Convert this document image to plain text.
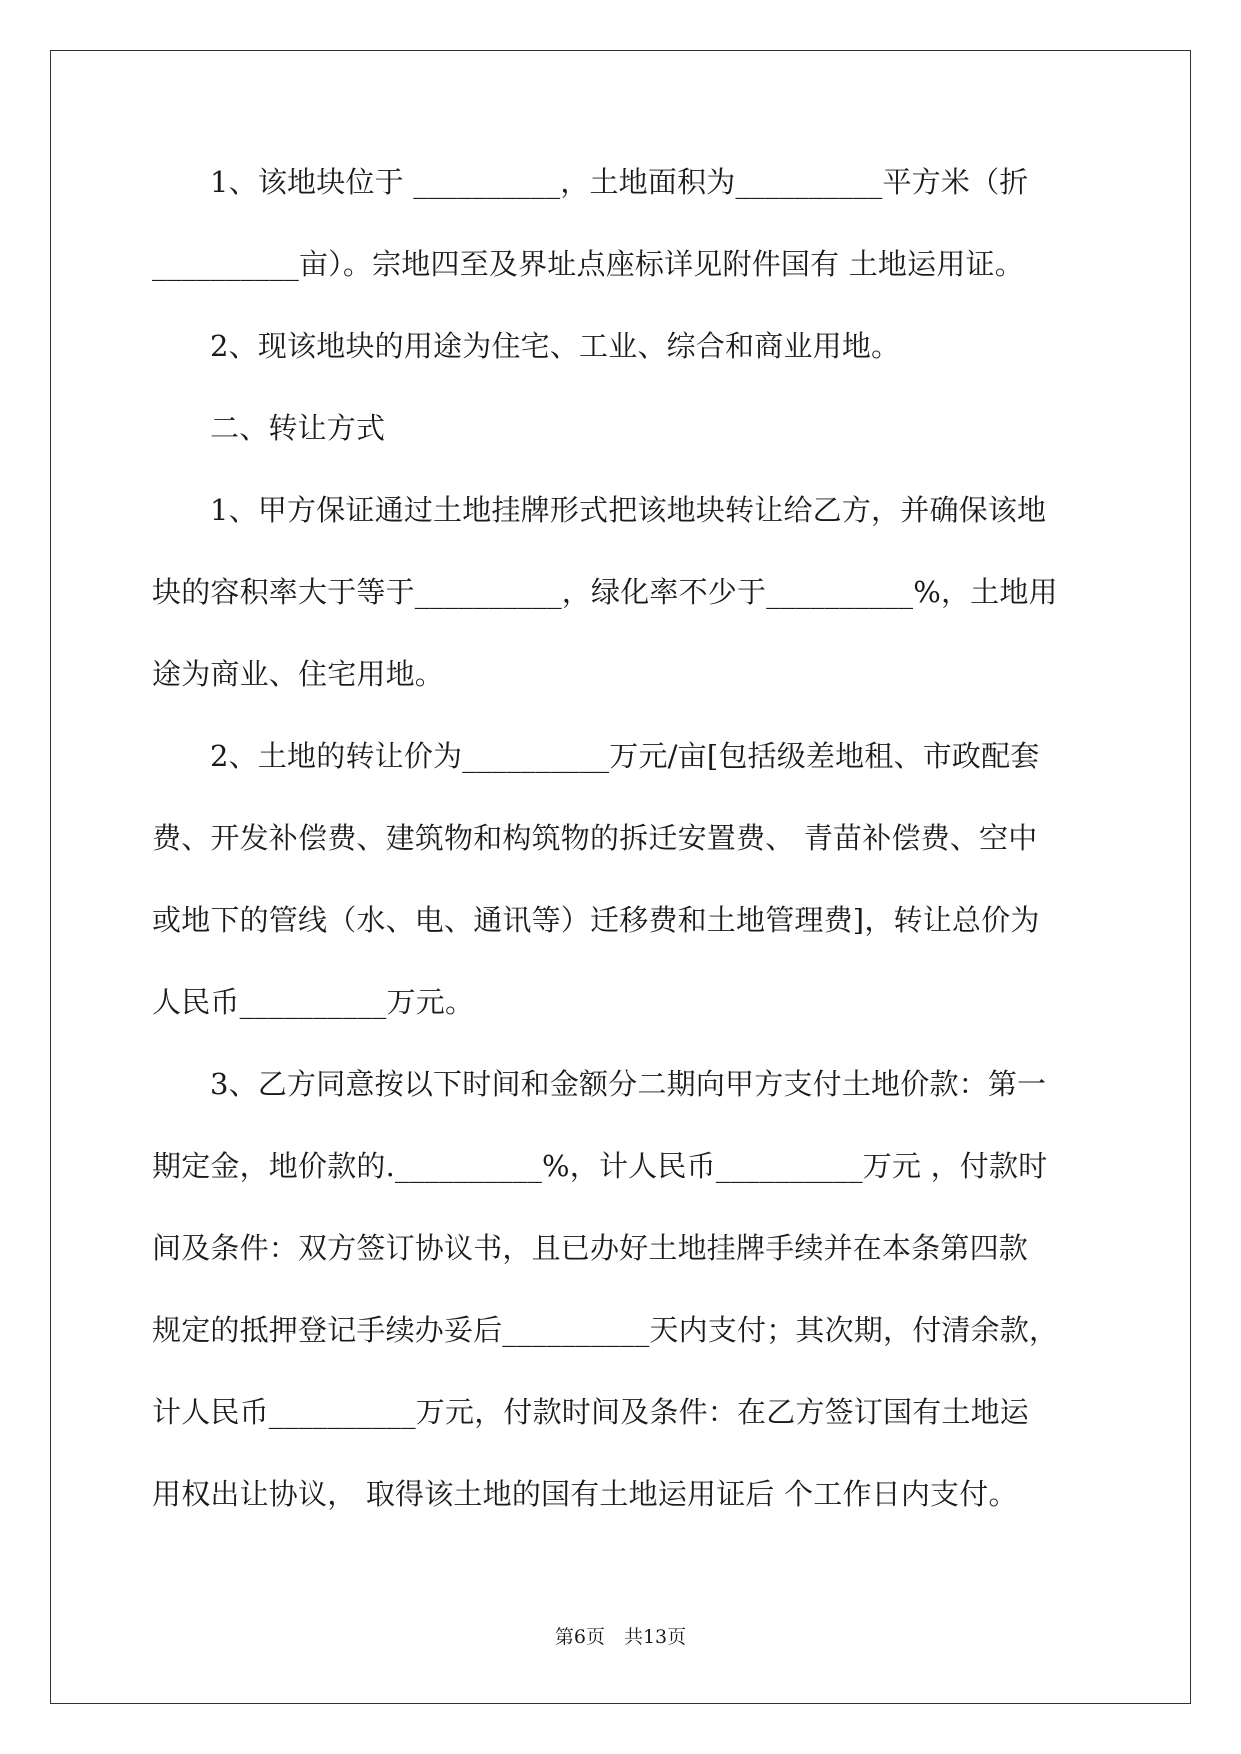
1、该地块位于 __________，土地面积为__________平方米（折
__________亩）。宗地四至及界址点座标详见附件国有 土地运用证。
2、现该地块的用途为住宅、工业、综合和商业用地。
二、转让方式
1、甲方保证通过土地挂牌形式把该地块转让给乙方，并确保该地
块的容积率大于等于__________，绿化率不少于__________%，土地用
途为商业、住宅用地。
2、土地的转让价为__________万元/亩[包括级差地租、市政配套
费、开发补偿费、建筑物和构筑物的拆迁安置费、 青苗补偿费、空中
或地下的管线（水、电、通讯等）迁移费和土地管理费]，转让总价为
人民币__________万元。
3、乙方同意按以下时间和金额分二期向甲方支付土地价款：第一
期定金，地价款的.__________%，计人民币__________万元 ，付款时
间及条件：双方签订协议书，且已办好土地挂牌手续并在本条第四款
规定的抵押登记手续办妥后__________天内支付；其次期，付清余款，
计人民币__________万元，付款时间及条件：在乙方签订国有土地运
用权出让协议， 取得该土地的国有土地运用证后 个工作日内支付。
第6页　共13页
